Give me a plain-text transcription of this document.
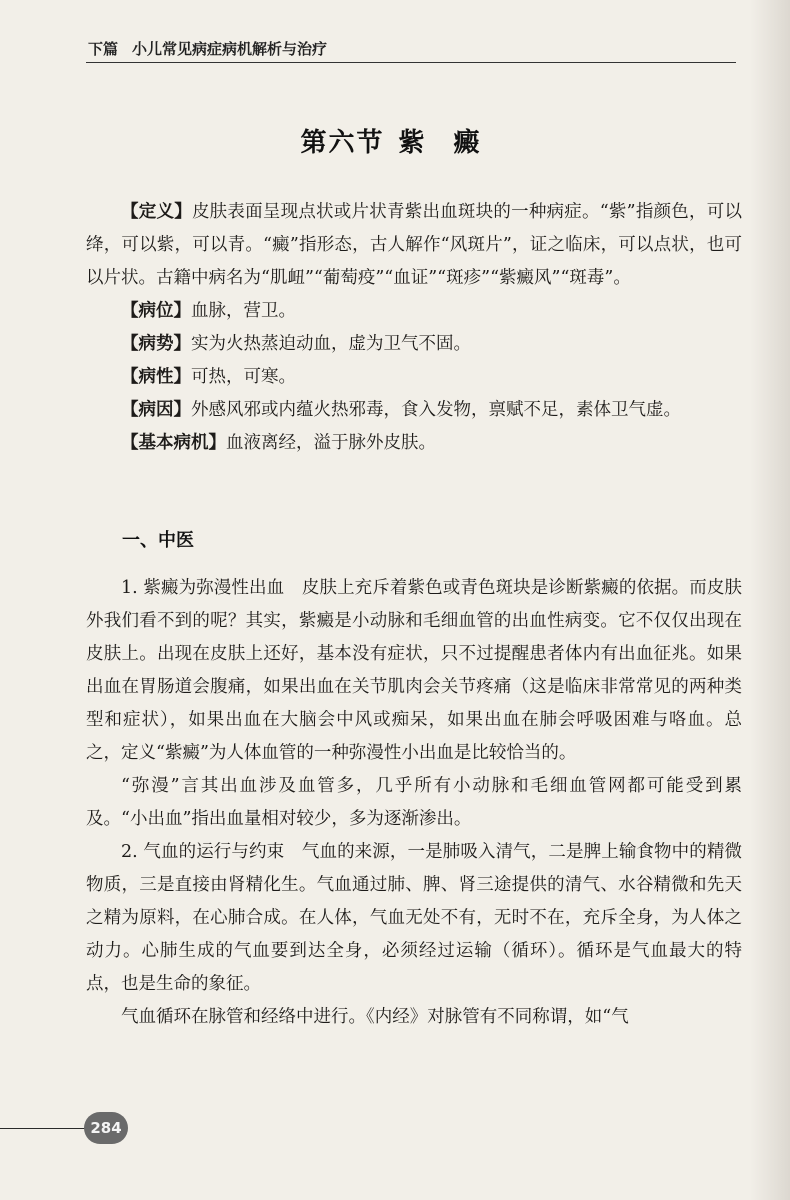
下篇 小儿常见病症病机解析与治疗
第六节 紫 癜

【定义】皮肤表面呈现点状或片状青紫出血斑块的一种病症。“紫”指颜色，可以绛，可以紫，可以青。“癜”指形态，古人解作“风斑片”，证之临床，可以点状，也可以片状。古籍中病名为“肌衄”“葡萄疫”“血证”“斑疹”“紫癜风”“斑毒”。

【病位】血脉，营卫。

【病势】实为火热蒸迫动血，虚为卫气不固。

【病性】可热，可寒。

【病因】外感风邪或内蕴火热邪毒，食入发物，禀赋不足，素体卫气虚。

【基本病机】血液离经，溢于脉外皮肤。

一、中医

1. 紫癜为弥漫性出血　皮肤上充斥着紫色或青色斑块是诊断紫癜的依据。而皮肤外我们看不到的呢？其实，紫癜是小动脉和毛细血管的出血性病变。它不仅仅出现在皮肤上。出现在皮肤上还好，基本没有症状，只不过提醒患者体内有出血征兆。如果出血在胃肠道会腹痛，如果出血在关节肌肉会关节疼痛（这是临床非常常见的两种类型和症状），如果出血在大脑会中风或痴呆，如果出血在肺会呼吸困难与咯血。总之，定义“紫癜”为人体血管的一种弥漫性小出血是比较恰当的。

“弥漫”言其出血涉及血管多，几乎所有小动脉和毛细血管网都可能受到累及。“小出血”指出血量相对较少，多为逐渐渗出。

2. 气血的运行与约束　气血的来源，一是肺吸入清气，二是脾上输食物中的精微物质，三是直接由肾精化生。气血通过肺、脾、肾三途提供的清气、水谷精微和先天之精为原料，在心肺合成。在人体，气血无处不有，无时不在，充斥全身，为人体之动力。心肺生成的气血要到达全身，必须经过运输（循环）。循环是气血最大的特点，也是生命的象征。

气血循环在脉管和经络中进行。《内经》对脉管有不同称谓，如“气

284
